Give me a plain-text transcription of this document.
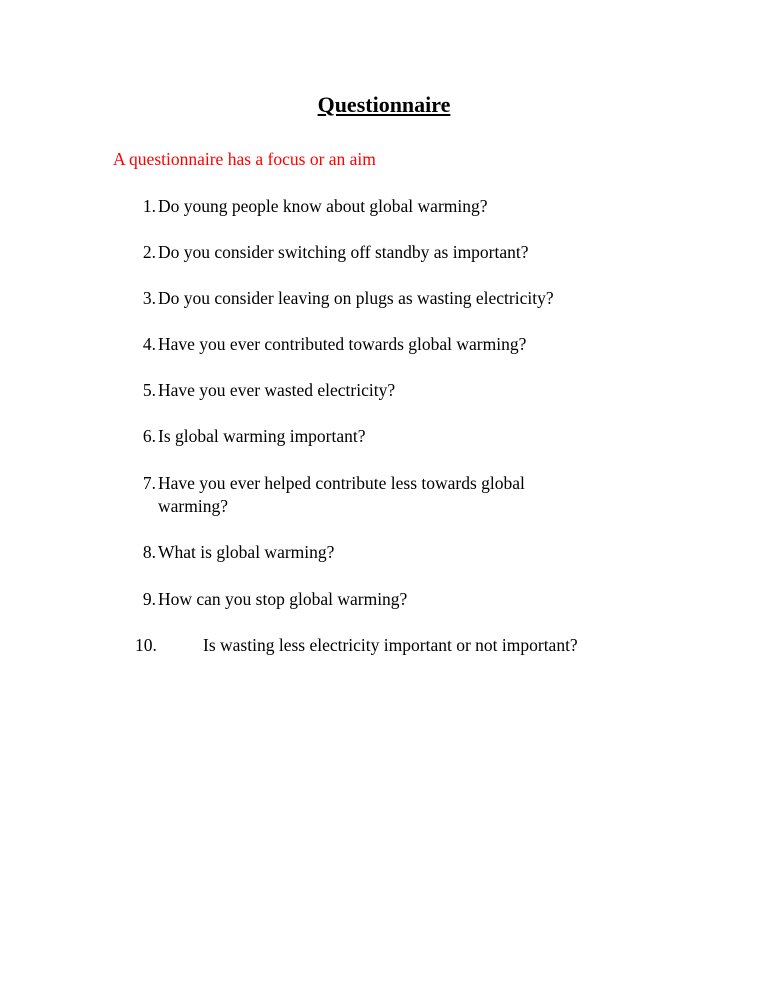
Questionnaire
A questionnaire has a focus or an aim
1. Do young people know about global warming?
2. Do you consider switching off standby as important?
3. Do you consider leaving on plugs as wasting electricity?
4. Have you ever contributed towards global warming?
5. Have you ever wasted electricity?
6. Is global warming important?
7. Have you ever helped contribute less towards global warming?
8. What is global warming?
9. How can you stop global warming?
10.	Is wasting less electricity important or not important?
